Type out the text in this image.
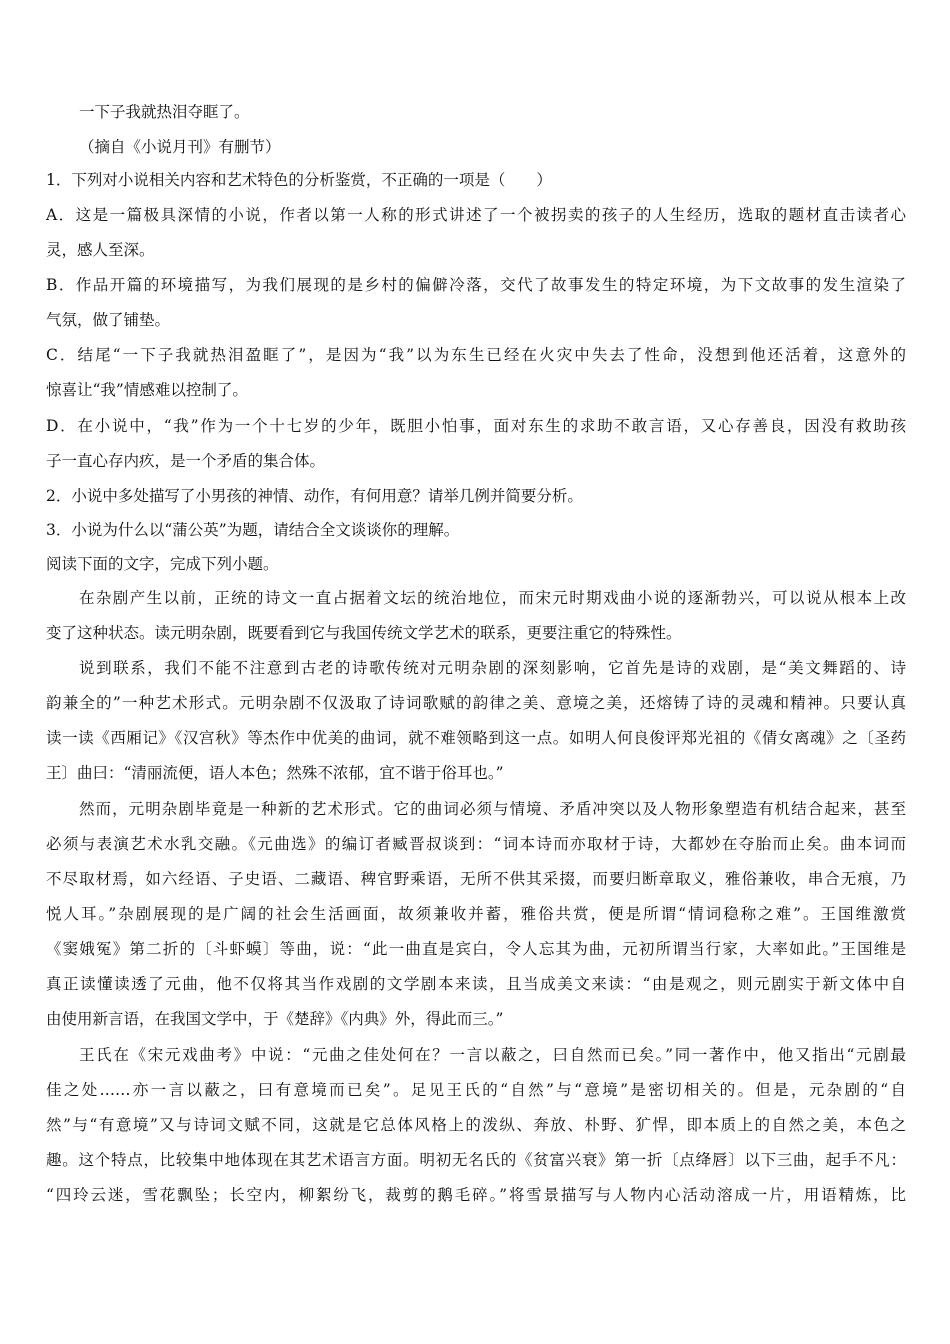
一下子我就热泪夺眶了。
（摘自《小说月刊》有删节）
1．下列对小说相关内容和艺术特色的分析鉴赏，不正确的一项是（　　）
A．这是一篇极具深情的小说，作者以第一人称的形式讲述了一个被拐卖的孩子的人生经历，选取的题材直击读者心
灵，感人至深。
B．作品开篇的环境描写，为我们展现的是乡村的偏僻冷落，交代了故事发生的特定环境，为下文故事的发生渲染了
气氛，做了铺垫。
C．结尾“一下子我就热泪盈眶了”，是因为“我”以为东生已经在火灾中失去了性命，没想到他还活着，这意外的
惊喜让“我”情感难以控制了。
D．在小说中，“我”作为一个十七岁的少年，既胆小怕事，面对东生的求助不敢言语，又心存善良，因没有救助孩
子一直心存内疚，是一个矛盾的集合体。
2．小说中多处描写了小男孩的神情、动作，有何用意？请举几例并简要分析。
3．小说为什么以“蒲公英”为题，请结合全文谈谈你的理解。
阅读下面的文字，完成下列小题。
在杂剧产生以前，正统的诗文一直占据着文坛的统治地位，而宋元时期戏曲小说的逐渐勃兴，可以说从根本上改
变了这种状态。读元明杂剧，既要看到它与我国传统文学艺术的联系，更要注重它的特殊性。
说到联系，我们不能不注意到古老的诗歌传统对元明杂剧的深刻影响，它首先是诗的戏剧，是“美文舞蹈的、诗
韵兼全的”一种艺术形式。元明杂剧不仅汲取了诗词歌赋的韵律之美、意境之美，还熔铸了诗的灵魂和精神。只要认真
读一读《西厢记》《汉宫秋》等杰作中优美的曲词，就不难领略到这一点。如明人何良俊评郑光祖的《倩女离魂》之〔圣药
王〕曲曰：“清丽流便，语人本色；然殊不浓郁，宜不谐于俗耳也。”
然而，元明杂剧毕竟是一种新的艺术形式。它的曲词必须与情境、矛盾冲突以及人物形象塑造有机结合起来，甚至
必须与表演艺术水乳交融。《元曲选》的编订者臧晋叔谈到：“词本诗而亦取材于诗，大都妙在夺胎而止矣。曲本词而
不尽取材焉，如六经语、子史语、二藏语、稗官野乘语，无所不供其采掇，而要归断章取义，雅俗兼收，串合无痕，乃
悦人耳。”杂剧展现的是广阔的社会生活画面，故须兼收并蓄，雅俗共赏，便是所谓“情词稳称之难”。王国维激赏
《窦娥冤》第二折的〔斗虾蟆〕等曲，说：“此一曲直是宾白，令人忘其为曲，元初所谓当行家，大率如此。”王国维是
真正读懂读透了元曲，他不仅将其当作戏剧的文学剧本来读，且当成美文来读：“由是观之，则元剧实于新文体中自
由使用新言语，在我国文学中，于《楚辞》《内典》外，得此而三。”
王氏在《宋元戏曲考》中说：“元曲之佳处何在？一言以蔽之，曰自然而已矣。”同一著作中，他又指出“元剧最
佳之处……亦一言以蔽之，曰有意境而已矣”。足见王氏的“自然”与“意境”是密切相关的。但是，元杂剧的“自
然”与“有意境”又与诗词文赋不同，这就是它总体风格上的泼纵、奔放、朴野、犷悍，即本质上的自然之美，本色之
趣。这个特点，比较集中地体现在其艺术语言方面。明初无名氏的《贫富兴衰》第一折〔点绛唇〕以下三曲，起手不凡：
“四玲云迷，雪花飘坠；长空内，柳絮纷飞，裁剪的鹅毛碎。”将雪景描写与人物内心活动溶成一片，用语精炼，比
